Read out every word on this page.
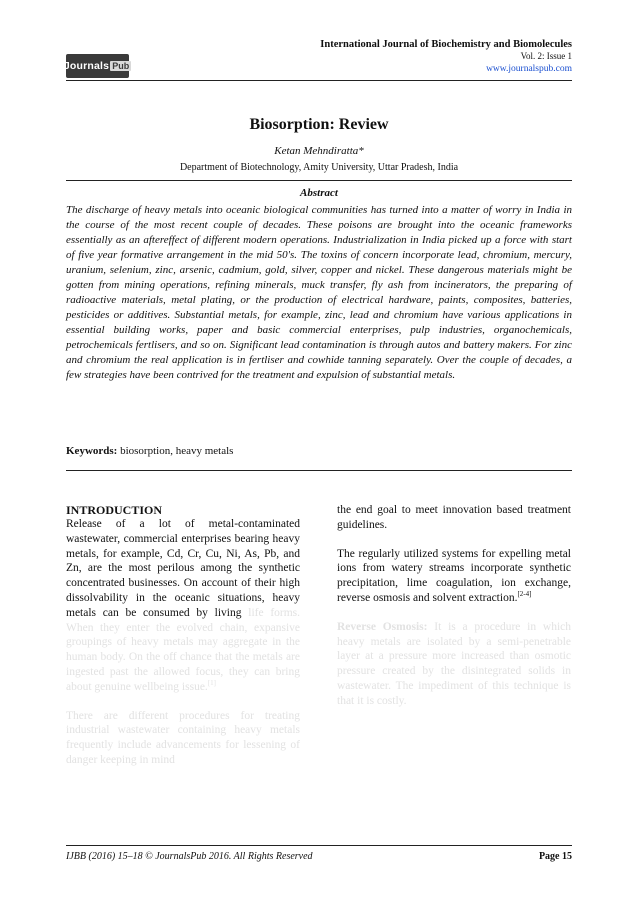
Journals Pub
International Journal of Biochemistry and Biomolecules
Vol. 2: Issue 1
www.journalspub.com
Biosorption: Review
Ketan Mehndiratta*
Department of Biotechnology, Amity University, Uttar Pradesh, India
Abstract

The discharge of heavy metals into oceanic biological communities has turned into a matter of worry in India in the course of the most recent couple of decades. These poisons are brought into the oceanic frameworks essentially as an aftereffect of different modern operations. Industrialization in India picked up a force with start of five year formative arrangement in the mid 50's. The toxins of concern incorporate lead, chromium, mercury, uranium, selenium, zinc, arsenic, cadmium, gold, silver, copper and nickel. These dangerous materials might be gotten from mining operations, refining minerals, muck transfer, fly ash from incinerators, the preparing of radioactive materials, metal plating, or the production of electrical hardware, paints, composites, batteries, pesticides or additives. Substantial metals, for example, zinc, lead and chromium have various applications in essential building works, paper and basic commercial enterprises, pulp industries, organochemicals, petrochemicals fertlisers, and so on. Significant lead contamination is through autos and battery makers. For zinc and chromium the real application is in fertliser and cowhide tanning separately. Over the couple of decades, a few strategies have been contrived for the treatment and expulsion of substantial metals.

Keywords: biosorption, heavy metals
INTRODUCTION

Release of a lot of metal-contaminated wastewater, commercial enterprises bearing heavy metals, for example, Cd, Cr, Cu, Ni, As, Pb, and Zn, are the most perilous among the synthetic concentrated businesses. On account of their high dissolvability in the oceanic situations, heavy metals can be consumed by living life forms. When they enter the evolved chain, expansive groupings of heavy metals may aggregate in the human body. On the off chance that the metals are ingested past the allowed focus, they can bring about genuine wellbeing issue.[1]

There are different procedures for treating industrial wastewater containing heavy metals frequently include advancements for lessening of danger keeping in mind

the end goal to meet innovation based treatment guidelines.

The regularly utilized systems for expelling metal ions from watery streams incorporate synthetic precipitation, lime coagulation, ion exchange, reverse osmosis and solvent extraction.[2-4]

Reverse Osmosis: It is a procedure in which heavy metals are isolated by a semi-penetrable layer at a pressure more increased than osmotic pressure created by the disintegrated solids in wastewater. The impediment of this technique is that it is costly.

IJBB (2016) 15–18 © JournalsPub 2016. All Rights Reserved	Page 15
